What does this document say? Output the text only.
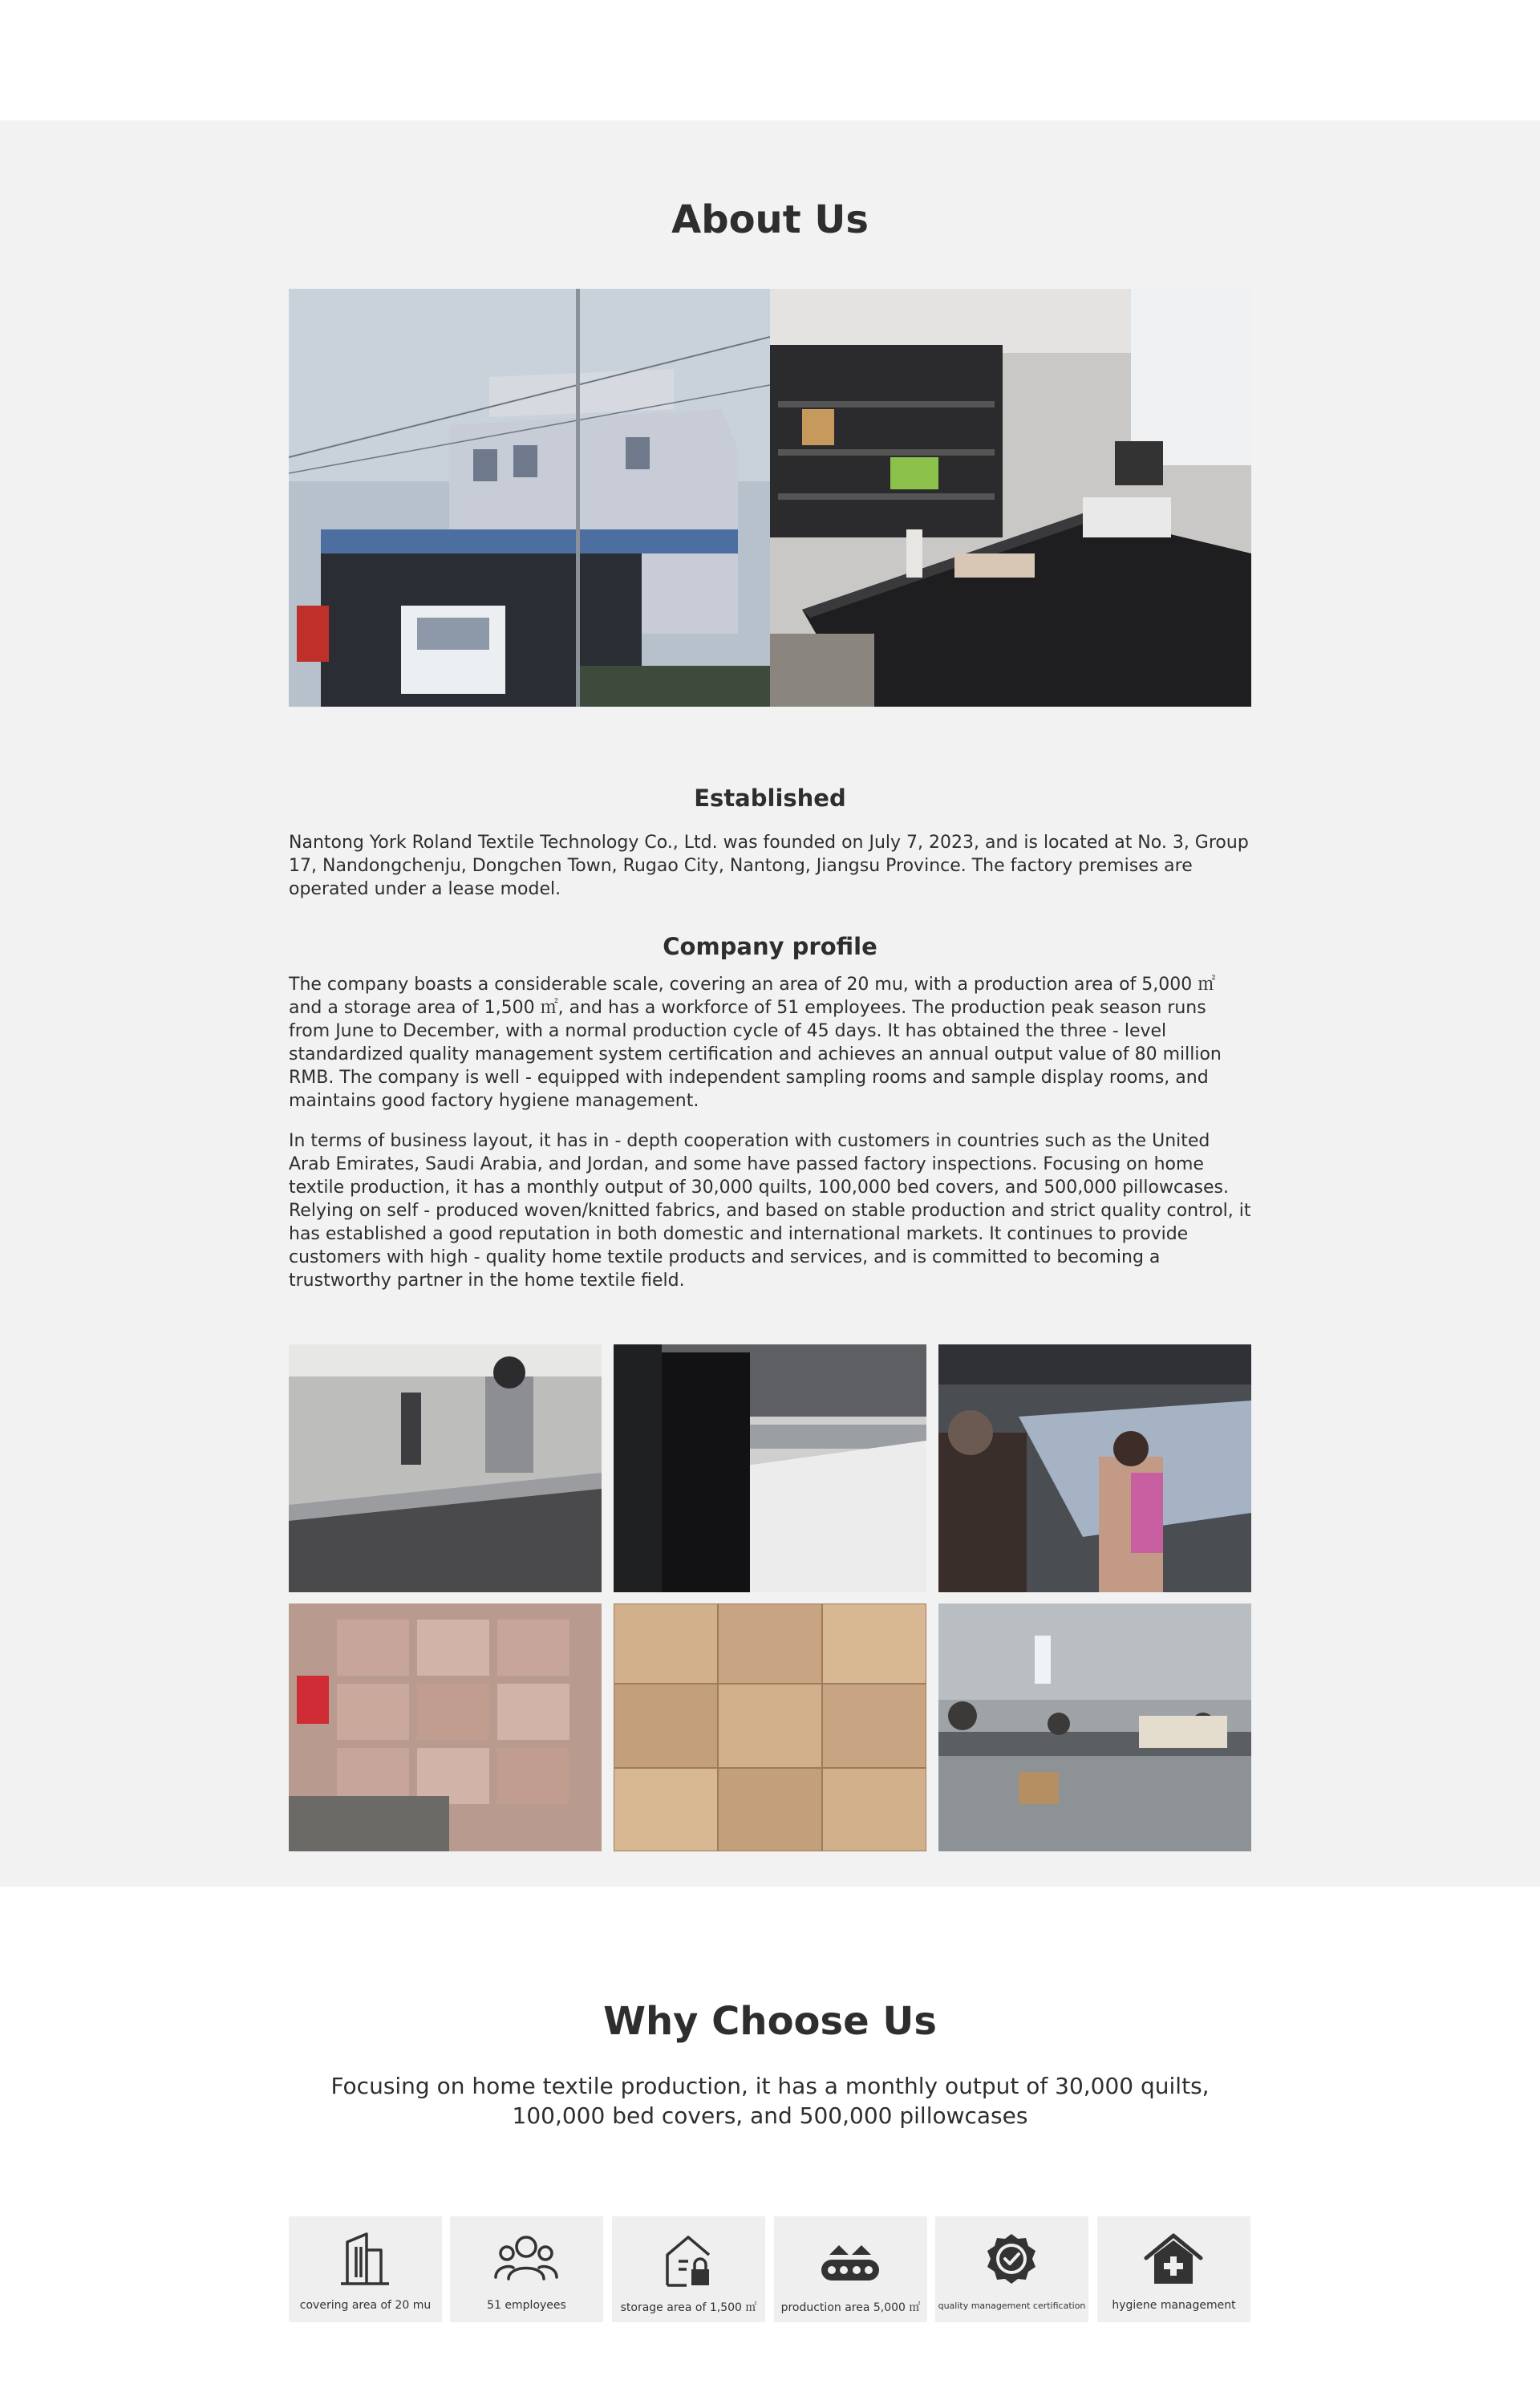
About Us
Established

Nantong York Roland Textile Technology Co., Ltd. was founded on July 7, 2023, and is located at No. 3, Group 17, Nandongchenju, Dongchen Town, Rugao City, Nantong, Jiangsu Province. The factory premises are operated under a lease model.

Company profile

The company boasts a considerable scale, covering an area of 20 mu, with a production area of 5,000 ㎡ and a storage area of 1,500 ㎡, and has a workforce of 51 employees. The production peak season runs from June to December, with a normal production cycle of 45 days. It has obtained the three - level standardized quality management system certification and achieves an annual output value of 80 million RMB. The company is well - equipped with independent sampling rooms and sample display rooms, and maintains good factory hygiene management.

In terms of business layout, it has in - depth cooperation with customers in countries such as the United Arab Emirates, Saudi Arabia, and Jordan, and some have passed factory inspections. Focusing on home textile production, it has a monthly output of 30,000 quilts, 100,000 bed covers, and 500,000 pillowcases. Relying on self - produced woven/knitted fabrics, and based on stable production and strict quality control, it has established a good reputation in both domestic and international markets. It continues to provide customers with high - quality home textile products and services, and is committed to becoming a trustworthy partner in the home textile field.

Why Choose Us

Focusing on home textile production, it has a monthly output of 30,000 quilts, 100,000 bed covers, and 500,000 pillowcases

covering area of 20 mu	51 employees	storage area of 1,500 ㎡	production area 5,000 ㎡	quality management certification	hygiene management
